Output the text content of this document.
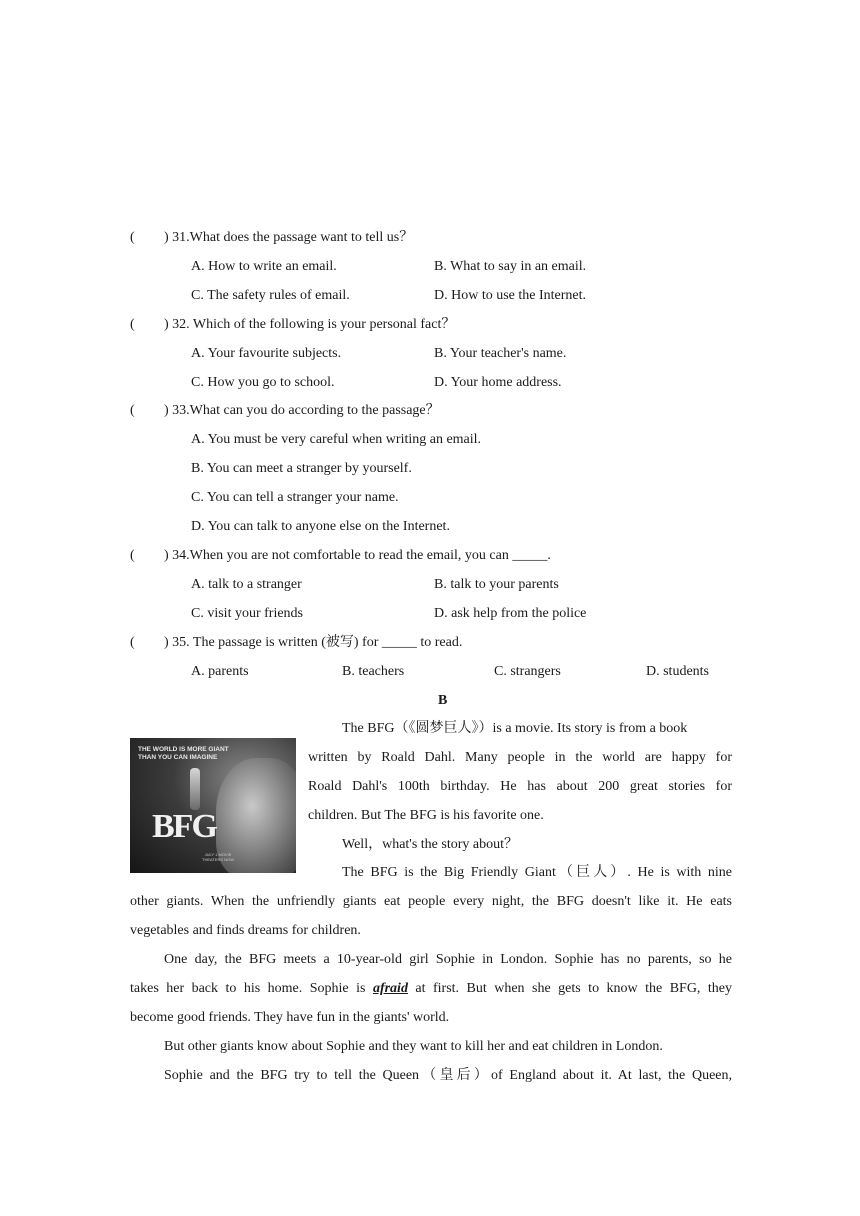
( ) 31.What does the passage want to tell us？
A. How to write an email.	B. What to say in an email.
C. The safety rules of email.	D. How to use the Internet.
( ) 32. Which of the following is your personal fact？
A. Your favourite subjects.	B. Your teacher's name.
C. How you go to school.	D. Your home address.
( ) 33.What can you do according to the passage？
A. You must be very careful when writing an email.
B. You can meet a stranger by yourself.
C. You can tell a stranger your name.
D. You can talk to anyone else on the Internet.
( ) 34.When you are not comfortable to read the email, you can _____.
A. talk to a stranger	B. talk to your parents
C. visit your friends	D. ask help from the police
( ) 35. The passage is written (被写) for _____ to read.
A. parents	B. teachers	C. strangers	D. students
B
THE WORLD IS MORE GIANT THAN YOU CAN IMAGINE
BFG
JULY 1 MOVIE THEATERS NOW
The BFG（《圆梦巨人》）is a movie. Its story is from a book
written by Roald Dahl. Many people in the world are happy for
Roald Dahl's 100th birthday. He has about 200 great stories for
children. But The BFG is his favorite one.
Well，what's the story about？
The BFG is the Big Friendly Giant（巨人）. He is with nine
other giants. When the unfriendly giants eat people every night, the BFG doesn't like it. He eats
vegetables and finds dreams for children.
One day, the BFG meets a 10-year-old girl Sophie in London. Sophie has no parents, so he
takes her back to his home. Sophie is afraid at first. But when she gets to know the BFG, they
become good friends. They have fun in the giants' world.
But other giants know about Sophie and they want to kill her and eat children in London.
Sophie and the BFG try to tell the Queen（皇后）of England about it. At last, the Queen,
